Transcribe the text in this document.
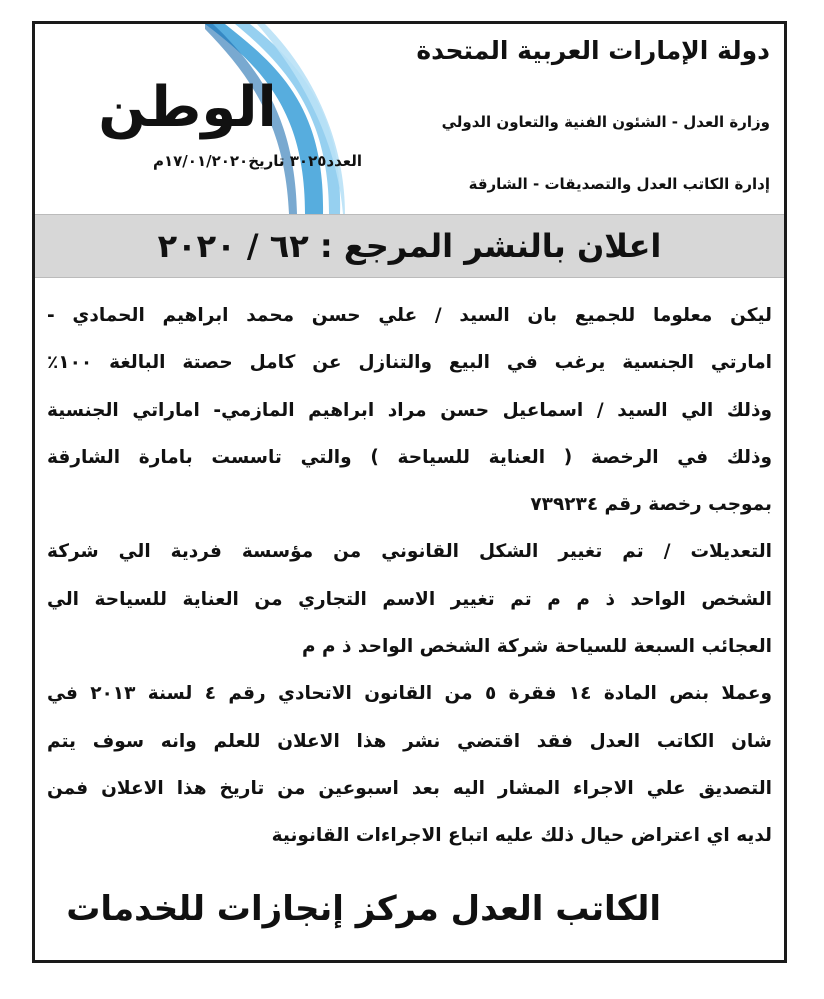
دولة الإمارات العربية المتحدة

وزارة العدل - الشئون الفنية والتعاون الدولي

إدارة الكاتب العدل والتصديقات - الشارقة

الوطن
العدد٣٠٢٥ تاريخ١٧/٠١/٢٠٢٠م
اعلان بالنشر المرجع : ٦٢ / ٢٠٢٠

ليكن معلوما للجميع بان السيد / علي حسن محمد ابراهيم الحمادي -

امارتي الجنسية يرغب في البيع والتنازل عن كامل حصتة البالغة ١٠٠٪

وذلك الي السيد / اسماعيل حسن مراد ابراهيم المازمي- اماراتي الجنسية

وذلك في الرخصة ( العناية للسياحة ) والتي تاسست بامارة الشارقة

بموجب رخصة رقم ٧٣٩٢٣٤

التعديلات / تم تغيير الشكل القانوني من مؤسسة فردية الي شركة

الشخص الواحد ذ م م تم تغيير الاسم التجاري من العناية للسياحة الي

العجائب السبعة للسياحة شركة الشخص الواحد ذ م م

وعملا بنص المادة ١٤ فقرة ٥ من القانون الاتحادي رقم ٤ لسنة ٢٠١٣ في

شان الكاتب العدل فقد اقتضي نشر هذا الاعلان للعلم وانه سوف يتم

التصديق علي الاجراء المشار اليه بعد اسبوعين من تاريخ هذا الاعلان فمن

لديه اي اعتراض حيال ذلك عليه اتباع الاجراءات القانونية

الكاتب العدل مركز إنجازات للخدمات
